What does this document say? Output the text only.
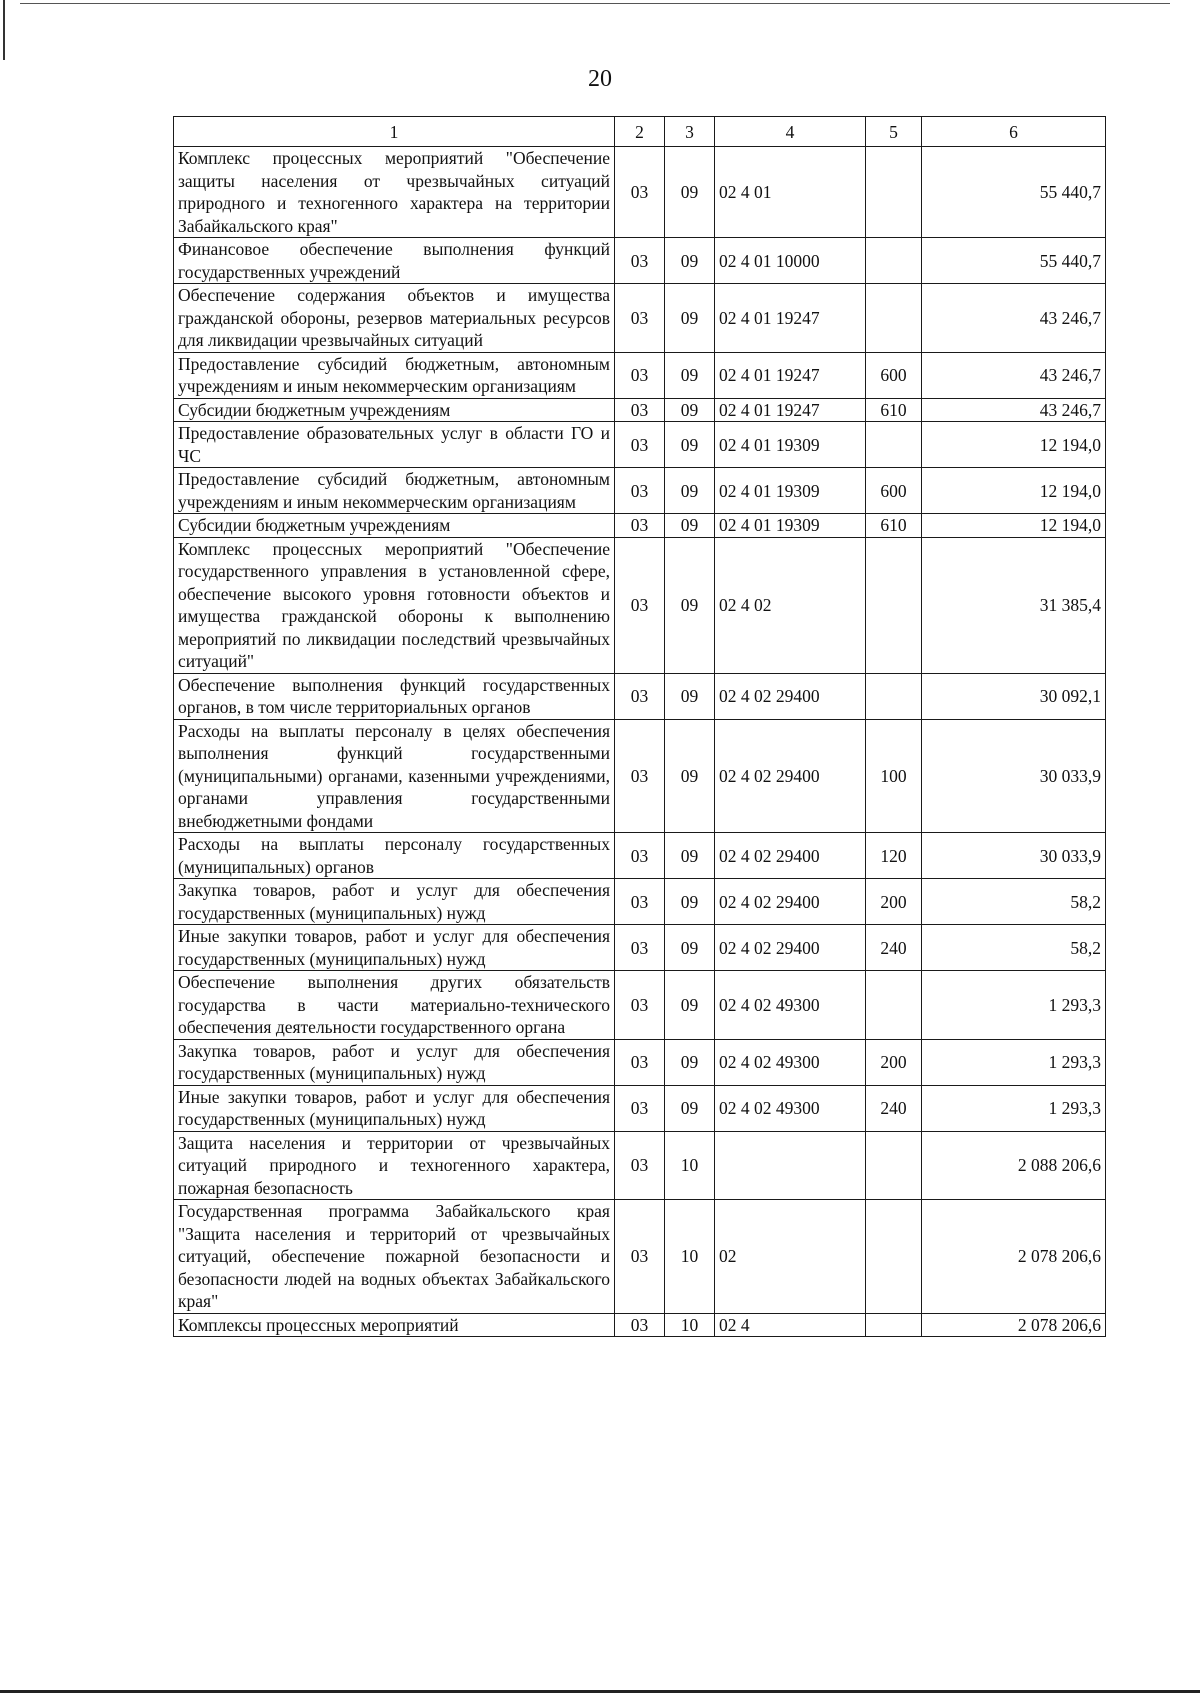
20
1	2	3	4	5	6
Комплекс процессных мероприятий "Обеспечение защиты населения от чрезвычайных ситуаций природного и техногенного характера на территории Забайкальского края"	03	09	02 4 01		55 440,7
Финансовое обеспечение выполнения функций государственных учреждений	03	09	02 4 01 10000		55 440,7
Обеспечение содержания объектов и имущества гражданской обороны, резервов материальных ресурсов для ликвидации чрезвычайных ситуаций	03	09	02 4 01 19247		43 246,7
Предоставление субсидий бюджетным, автономным учреждениям и иным некоммерческим организациям	03	09	02 4 01 19247	600	43 246,7
Субсидии бюджетным учреждениям	03	09	02 4 01 19247	610	43 246,7
Предоставление образовательных услуг в области ГО и ЧС	03	09	02 4 01 19309		12 194,0
Предоставление субсидий бюджетным, автономным учреждениям и иным некоммерческим организациям	03	09	02 4 01 19309	600	12 194,0
Субсидии бюджетным учреждениям	03	09	02 4 01 19309	610	12 194,0
Комплекс процессных мероприятий "Обеспечение государственного управления в установленной сфере, обеспечение высокого уровня готовности объектов и имущества гражданской обороны к выполнению мероприятий по ликвидации последствий чрезвычайных ситуаций"	03	09	02 4 02		31 385,4
Обеспечение выполнения функций государственных органов, в том числе территориальных органов	03	09	02 4 02 29400		30 092,1
Расходы на выплаты персоналу в целях обеспечения выполнения функций государственными (муниципальными) органами, казенными учреждениями, органами управления государственными внебюджетными фондами	03	09	02 4 02 29400	100	30 033,9
Расходы на выплаты персоналу государственных (муниципальных) органов	03	09	02 4 02 29400	120	30 033,9
Закупка товаров, работ и услуг для обеспечения государственных (муниципальных) нужд	03	09	02 4 02 29400	200	58,2
Иные закупки товаров, работ и услуг для обеспечения государственных (муниципальных) нужд	03	09	02 4 02 29400	240	58,2
Обеспечение выполнения других обязательств государства в части материально-технического обеспечения деятельности государственного органа	03	09	02 4 02 49300		1 293,3
Закупка товаров, работ и услуг для обеспечения государственных (муниципальных) нужд	03	09	02 4 02 49300	200	1 293,3
Иные закупки товаров, работ и услуг для обеспечения государственных (муниципальных) нужд	03	09	02 4 02 49300	240	1 293,3
Защита населения и территории от чрезвычайных ситуаций природного и техногенного характера, пожарная безопасность	03	10			2 088 206,6
Государственная программа Забайкальского края "Защита населения и территорий от чрезвычайных ситуаций, обеспечение пожарной безопасности и безопасности людей на водных объектах Забайкальского края"	03	10	02		2 078 206,6
Комплексы процессных мероприятий	03	10	02 4		2 078 206,6
